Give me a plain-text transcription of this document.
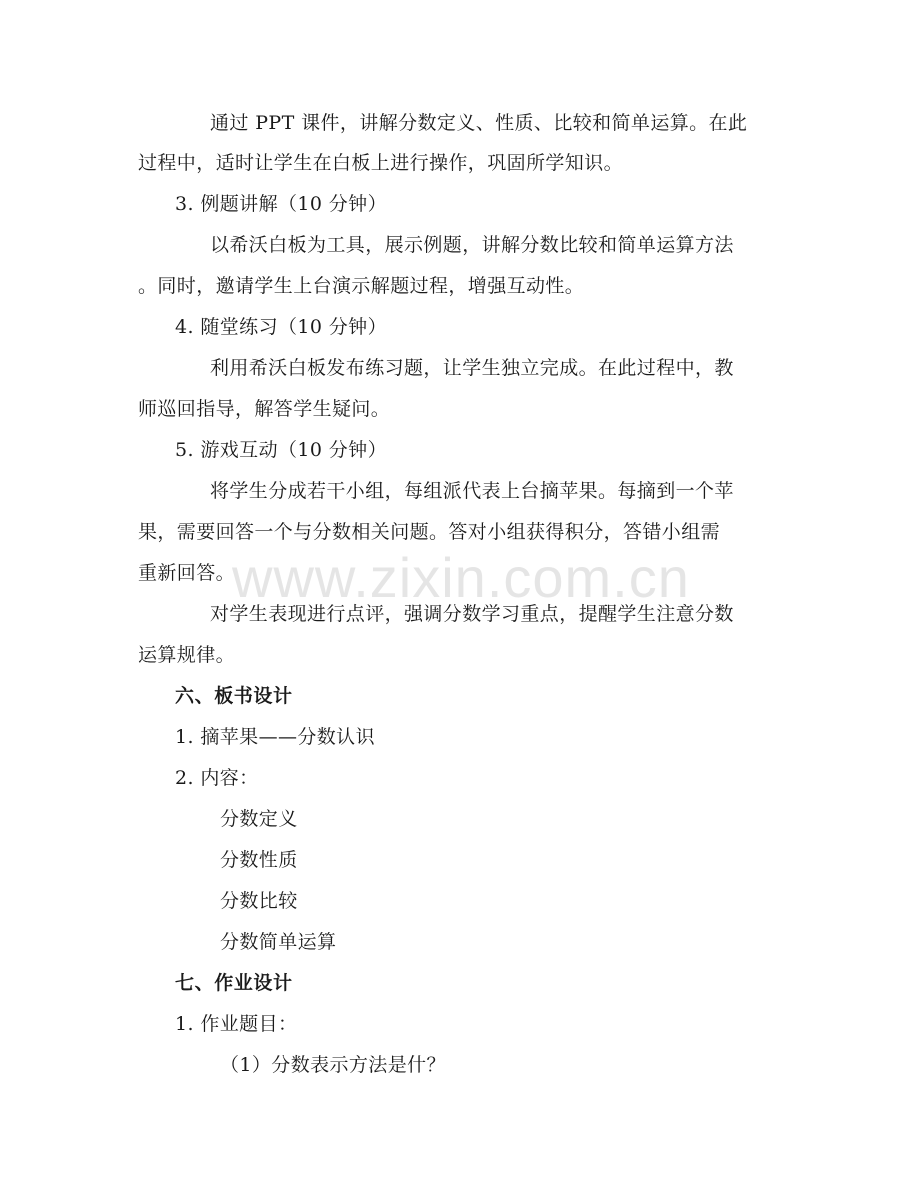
通过 PPT 课件，讲解分数定义、性质、比较和简单运算。在此
过程中，适时让学生在白板上进行操作，巩固所学知识。
3. 例题讲解（10 分钟）
以希沃白板为工具，展示例题，讲解分数比较和简单运算方法
。同时，邀请学生上台演示解题过程，增强互动性。
4. 随堂练习（10 分钟）
利用希沃白板发布练习题，让学生独立完成。在此过程中，教
师巡回指导，解答学生疑问。
5. 游戏互动（10 分钟）
将学生分成若干小组，每组派代表上台摘苹果。每摘到一个苹
果，需要回答一个与分数相关问题。答对小组获得积分，答错小组需
重新回答。
对学生表现进行点评，强调分数学习重点，提醒学生注意分数
运算规律。
六、板书设计
1. 摘苹果——分数认识
2. 内容：
分数定义
分数性质
分数比较
分数简单运算
七、作业设计
1. 作业题目：
（1）分数表示方法是什？
www.zixin.com.cn
